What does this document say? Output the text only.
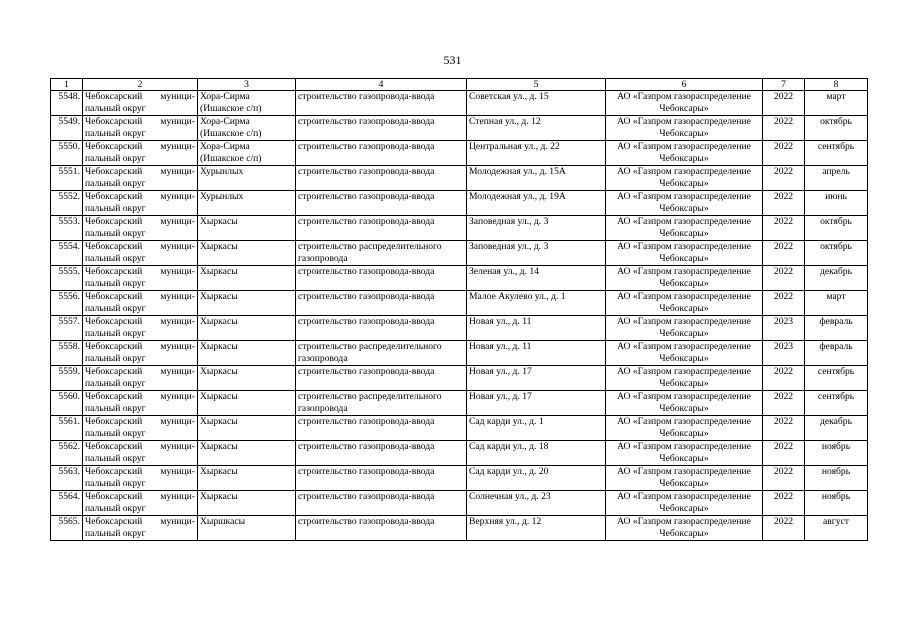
531
1	2	3	4	5	6	7	8
5548.	Чебоксарский муници-пальный округ	Хора-Сирма (Ишакское с/п)	строительство газопровода-ввода	Советская ул., д. 15	АО «Газпром газораспределение Чебоксары»	2022	март
5549.	Чебоксарский муници-пальный округ	Хора-Сирма (Ишакское с/п)	строительство газопровода-ввода	Степная ул., д. 12	АО «Газпром газораспределение Чебоксары»	2022	октябрь
5550.	Чебоксарский муници-пальный округ	Хора-Сирма (Ишакское с/п)	строительство газопровода-ввода	Центральная ул., д. 22	АО «Газпром газораспределение Чебоксары»	2022	сентябрь
5551.	Чебоксарский муници-пальный округ	Хурынлых	строительство газопровода-ввода	Молодежная ул., д. 15А	АО «Газпром газораспределение Чебоксары»	2022	апрель
5552.	Чебоксарский муници-пальный округ	Хурынлых	строительство газопровода-ввода	Молодежная ул., д. 19А	АО «Газпром газораспределение Чебоксары»	2022	июнь
5553.	Чебоксарский муници-пальный округ	Хыркасы	строительство газопровода-ввода	Заповедная ул., д. 3	АО «Газпром газораспределение Чебоксары»	2022	октябрь
5554.	Чебоксарский муници-пальный округ	Хыркасы	строительство распределительного газопровода	Заповедная ул., д. 3	АО «Газпром газораспределение Чебоксары»	2022	октябрь
5555.	Чебоксарский муници-пальный округ	Хыркасы	строительство газопровода-ввода	Зеленая ул., д. 14	АО «Газпром газораспределение Чебоксары»	2022	декабрь
5556.	Чебоксарский муници-пальный округ	Хыркасы	строительство газопровода-ввода	Малое Акулево ул., д. 1	АО «Газпром газораспределение Чебоксары»	2022	март
5557.	Чебоксарский муници-пальный округ	Хыркасы	строительство газопровода-ввода	Новая ул., д. 11	АО «Газпром газораспределение Чебоксары»	2023	февраль
5558.	Чебоксарский муници-пальный округ	Хыркасы	строительство распределительного газопровода	Новая ул., д. 11	АО «Газпром газораспределение Чебоксары»	2023	февраль
5559.	Чебоксарский муници-пальный округ	Хыркасы	строительство газопровода-ввода	Новая ул., д. 17	АО «Газпром газораспределение Чебоксары»	2022	сентябрь
5560.	Чебоксарский муници-пальный округ	Хыркасы	строительство распределительного газопровода	Новая ул., д. 17	АО «Газпром газораспределение Чебоксары»	2022	сентябрь
5561.	Чебоксарский муници-пальный округ	Хыркасы	строительство газопровода-ввода	Сад карди ул., д. 1	АО «Газпром газораспределение Чебоксары»	2022	декабрь
5562.	Чебоксарский муници-пальный округ	Хыркасы	строительство газопровода-ввода	Сад карди ул., д. 18	АО «Газпром газораспределение Чебоксары»	2022	ноябрь
5563.	Чебоксарский муници-пальный округ	Хыркасы	строительство газопровода-ввода	Сад карди ул., д. 20	АО «Газпром газораспределение Чебоксары»	2022	ноябрь
5564.	Чебоксарский муници-пальный округ	Хыркасы	строительство газопровода-ввода	Солнечная ул., д. 23	АО «Газпром газораспределение Чебоксары»	2022	ноябрь
5565.	Чебоксарский муници-пальный округ	Хыршкасы	строительство газопровода-ввода	Верхняя ул., д. 12	АО «Газпром газораспределение Чебоксары»	2022	август
